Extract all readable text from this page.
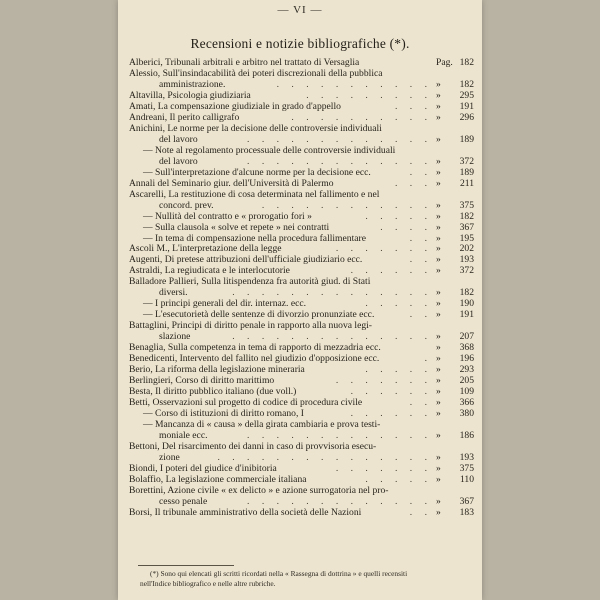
— VI —
Recensioni e notizie bibliografiche (*).
Alberici, Tribunali arbitrali e arbitro nel trattato di Versaglia	Pag. 182
Alessio, Sull'insindacabilità dei poteri discrezionali della pubblica
amministrazione.	. . . . . . . . . . . » 182
Altavilla, Psicologia giudiziaria	. . . . . . . . . » 295
Amati, La compensazione giudiziale in grado d'appello	. . . » 191
Andreani, Il perito calligrafo	. . . . . . . . . . » 296
Anichini, Le norme per la decisione delle controversie individuali
del lavoro	. . . . . . . . . . . . . » 189
— Note al regolamento processuale delle controversie individuali
del lavoro	. . . . . . . . . . . . . » 372
— Sull'interpretazione d'alcune norme per la decisione ecc.	. . » 189
Annali del Seminario giur. dell'Università di Palermo	. . . » 211
Ascarelli, La restituzione di cosa determinata nel fallimento e nel
concord. prev.	. . . . . . . . . . . . » 375
— Nullità del contratto e « prorogatio fori »	. . . . . » 182
— Sulla clausola « solve et repete » nei contratti	. . . . » 367
— In tema di compensazione nella procedura fallimentare	. . » 195
Ascoli M., L'interpretazione della legge	. . . . . . . » 202
Augenti, Di pretese attribuzioni dell'ufficiale giudiziario ecc.	. . » 193
Astraldi, La regiudicata e le interlocutorie	. . . . . . » 372
Balladore Pallieri, Sulla litispendenza fra autorità giud. di Stati
diversi.	. . . . . . . . . . . . . . » 182
— I principi generali del dir. internaz. ecc.	. . . . . » 190
— L'esecutorietà delle sentenze di divorzio pronunziate ecc.	. . » 191
Battaglini, Principi di diritto penale in rapporto alla nuova legi-
slazione	. . . . . . . . . . . . . . » 207
Benaglia, Sulla competenza in tema di rapporto di mezzadria ecc.	» 368
Benedicenti, Intervento del fallito nel giudizio d'opposizione ecc.	. » 196
Berio, La riforma della legislazione mineraria	. . . . . » 293
Berlingieri, Corso di diritto marittimo	. . . . . . . » 205
Besta, Il diritto pubblico italiano (due voll.)	. . . . . . » 109
Betti, Osservazioni sul progetto di codice di procedura civile	. . » 366
— Corso di istituzioni di diritto romano, I	. . . . . . » 380
— Mancanza di « causa » della girata cambiaria e prova testi-
moniale ecc.	. . . . . . . . . . . . . » 186
Bettoni, Del risarcimento dei danni in caso di provvisoria esecu-
zione	. . . . . . . . . . . . . . . » 193
Biondi, I poteri del giudice d'inibitoria	. . . . . . . » 375
Bolaffio, La legislazione commerciale italiana	. . . . . » 110
Borettini, Azione civile « ex delicto » e azione surrogatoria nel pro-
cesso penale	. . . . . . . . . . . . . » 367
Borsi, Il tribunale amministrativo della società delle Nazioni	. . » 183
(*) Sono qui elencati gli scritti ricordati nella « Rassegna di dottrina » e quelli recensiti
nell'Indice bibliografico e nelle altre rubriche.
